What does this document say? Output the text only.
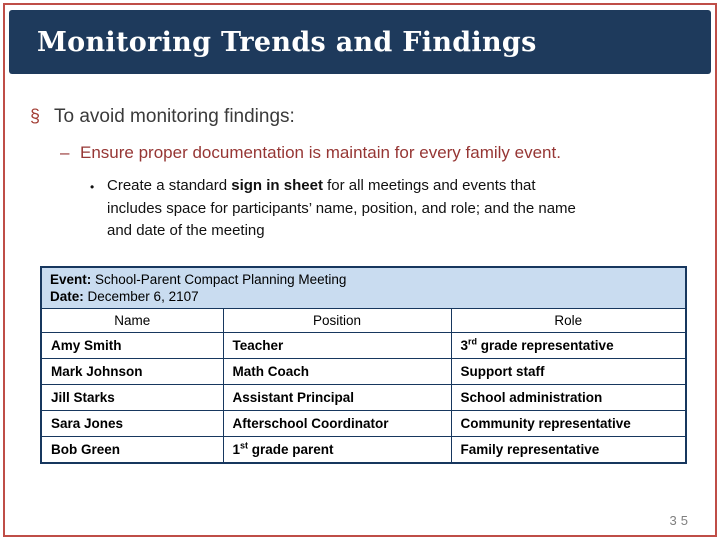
Monitoring Trends and Findings
§ To avoid monitoring findings:
– Ensure proper documentation is maintain for every family event.
• Create a standard sign in sheet for all meetings and events that
includes space for participants’ name, position, and role; and the name
and date of the meeting
Event: School-Parent Compact Planning Meeting
Date: December 6, 2107		

Name	Position	Role
Amy Smith	Teacher	3rd grade representative
Mark Johnson	Math Coach	Support staff
Jill Starks	Assistant Principal	School administration
Sara Jones	Afterschool Coordinator	Community representative
Bob Green	1st grade parent	Family representative
35
